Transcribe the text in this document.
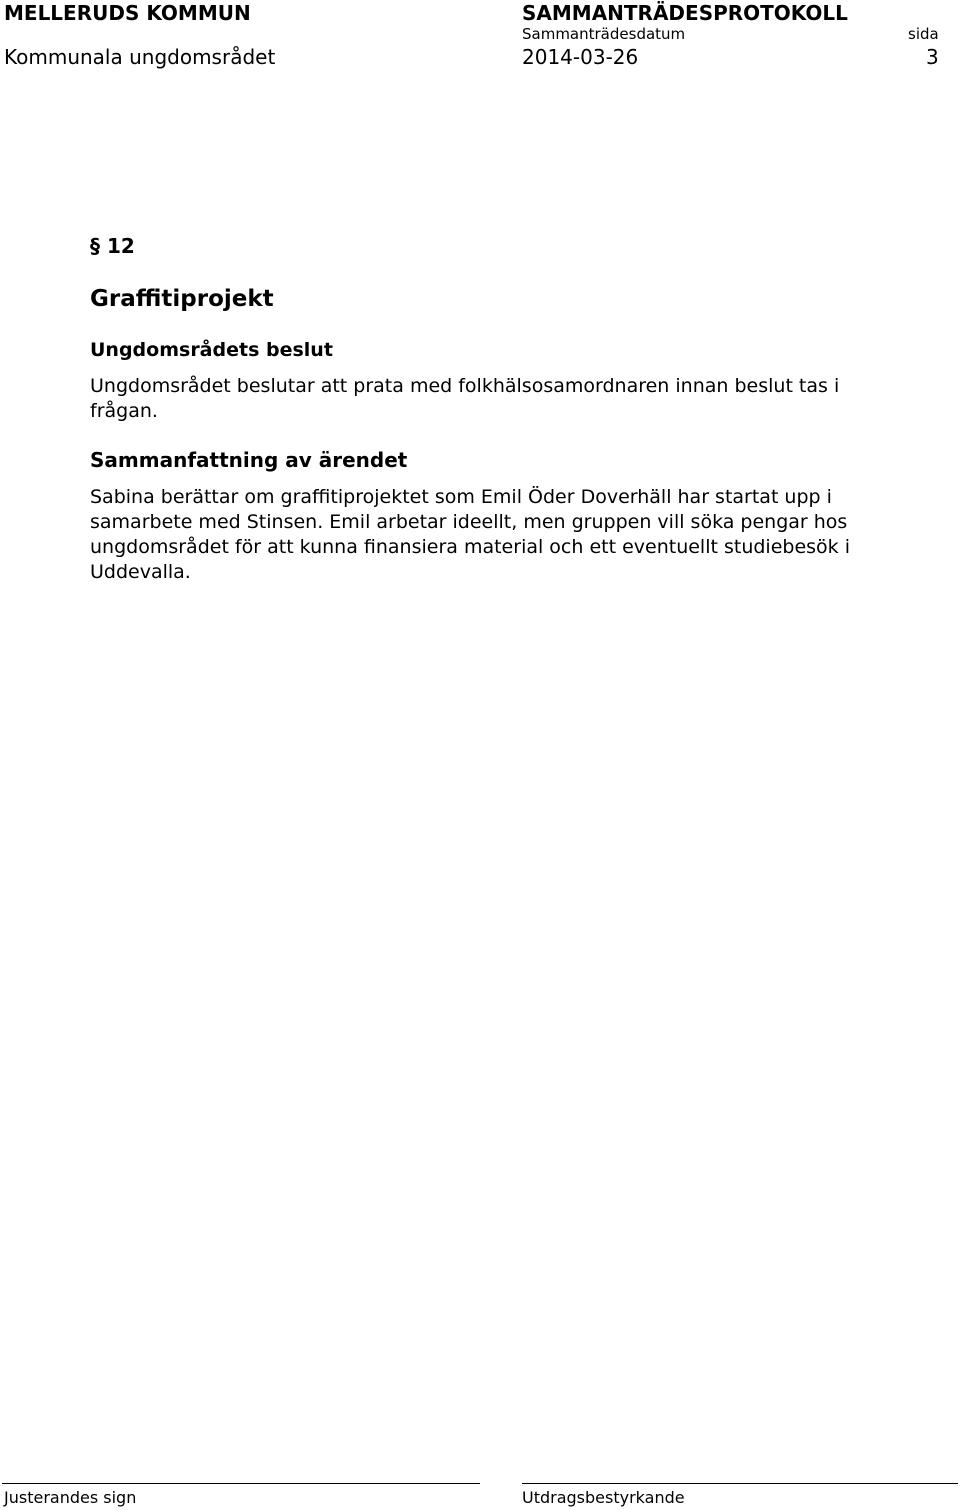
MELLERUDS KOMMUN	SAMMANTRÄDESPROTOKOLL
Sammanträdesdatum	sida
Kommunala ungdomsrådet	2014-03-26	3
§ 12
Graffitiprojekt
Ungdomsrådets beslut
Ungdomsrådet beslutar att prata med folkhälsosamordnaren innan beslut tas i frågan.
Sammanfattning av ärendet
Sabina berättar om graffitiprojektet som Emil Öder Doverhäll har startat upp i samarbete med Stinsen. Emil arbetar ideellt, men gruppen vill söka pengar hos ungdomsrådet för att kunna finansiera material och ett eventuellt studiebesök i Uddevalla.
Justerandes sign	Utdragsbestyrkande
